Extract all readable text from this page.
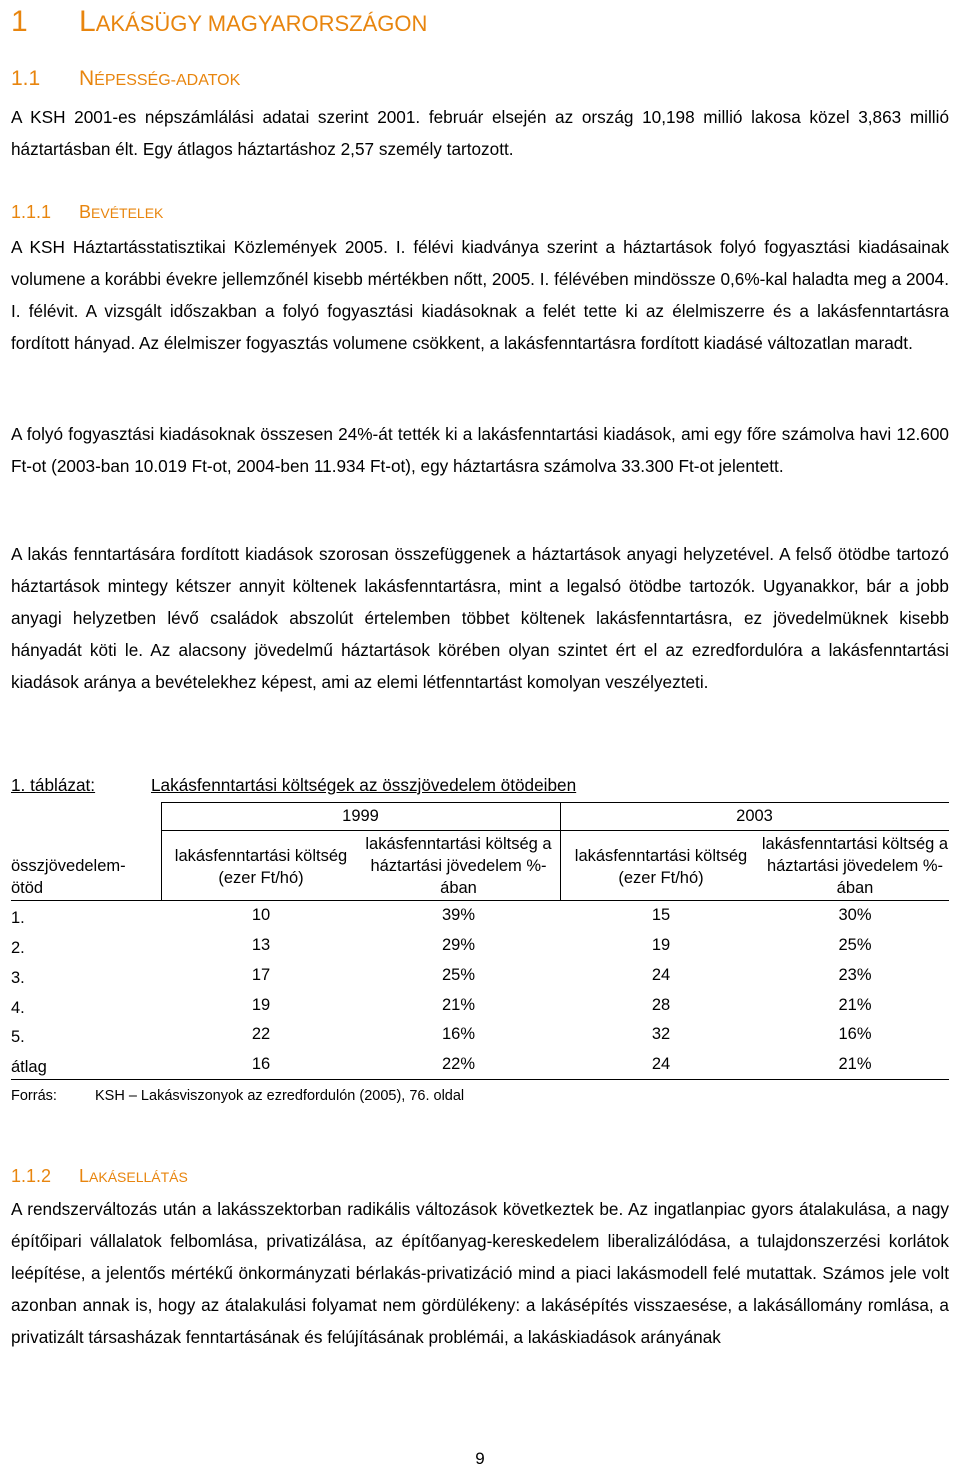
1 LAKÁSÜGY MAGYARORSZÁGON
1.1 NÉPESSÉG-ADATOK
A KSH 2001-es népszámlálási adatai szerint 2001. február elsején az ország 10,198 millió lakosa közel 3,863 millió háztartásban élt. Egy átlagos háztartáshoz 2,57 személy tartozott.
1.1.1 BEVÉTELEK
A KSH Háztartásstatisztikai Közlemények 2005. I. félévi kiadványa szerint a háztartások folyó fogyasztási kiadásainak volumene a korábbi évekre jellemzőnél kisebb mértékben nőtt, 2005. I. félévében mindössze 0,6%-kal haladta meg a 2004. I. félévit. A vizsgált időszakban a folyó fogyasztási kiadásoknak a felét tette ki az élelmiszerre és a lakásfenntartásra fordított hányad. Az élelmiszer fogyasztás volumene csökkent, a lakásfenntartásra fordított kiadásé változatlan maradt.
A folyó fogyasztási kiadásoknak összesen 24%-át tették ki a lakásfenntartási kiadások, ami egy főre számolva havi 12.600 Ft-ot (2003-ban 10.019 Ft-ot, 2004-ben 11.934 Ft-ot), egy háztartásra számolva 33.300 Ft-ot jelentett.
A lakás fenntartására fordított kiadások szorosan összefüggenek a háztartások anyagi helyzetével. A felső ötödbe tartozó háztartások mintegy kétszer annyit költenek lakásfenntartásra, mint a legalsó ötödbe tartozók. Ugyanakkor, bár a jobb anyagi helyzetben lévő családok abszolút értelemben többet költenek lakásfenntartásra, ez jövedelmüknek kisebb hányadát köti le. Az alacsony jövedelmű háztartások körében olyan szintet ért el az ezredfordulóra a lakásfenntartási kiadások aránya a bevételekhez képest, ami az elemi létfenntartást komolyan veszélyezteti.
1. táblázat:	Lakásfenntartási költségek az összjövedelem ötödeiben
1999	2003
összjövedelem-ötöd
lakásfenntartási költség (ezer Ft/hó)
lakásfenntartási költség a háztartási jövedelem %-ában
lakásfenntartási költség (ezer Ft/hó)
lakásfenntartási költség a háztartási jövedelem %-ában
1.	10	39%	15	30%
2.	13	29%	19	25%
3.	17	25%	24	23%
4.	19	21%	28	21%
5.	22	16%	32	16%
átlag	16	22%	24	21%
Forrás:	KSH – Lakásviszonyok az ezredfordulón (2005), 76. oldal
1.1.2 LAKÁSELLÁTÁS
A rendszerváltozás után a lakásszektorban radikális változások következtek be. Az ingatlanpiac gyors átalakulása, a nagy építőipari vállalatok felbomlása, privatizálása, az építőanyag-kereskedelem liberalizálódása, a tulajdonszerzési korlátok leépítése, a jelentős mértékű önkormányzati bérlakás-privatizáció mind a piaci lakásmodell felé mutattak. Számos jele volt azonban annak is, hogy az átalakulási folyamat nem gördülékeny: a lakásépítés visszaesése, a lakásállomány romlása, a privatizált társasházak fenntartásának és felújításának problémái, a lakáskiadások arányának
9
